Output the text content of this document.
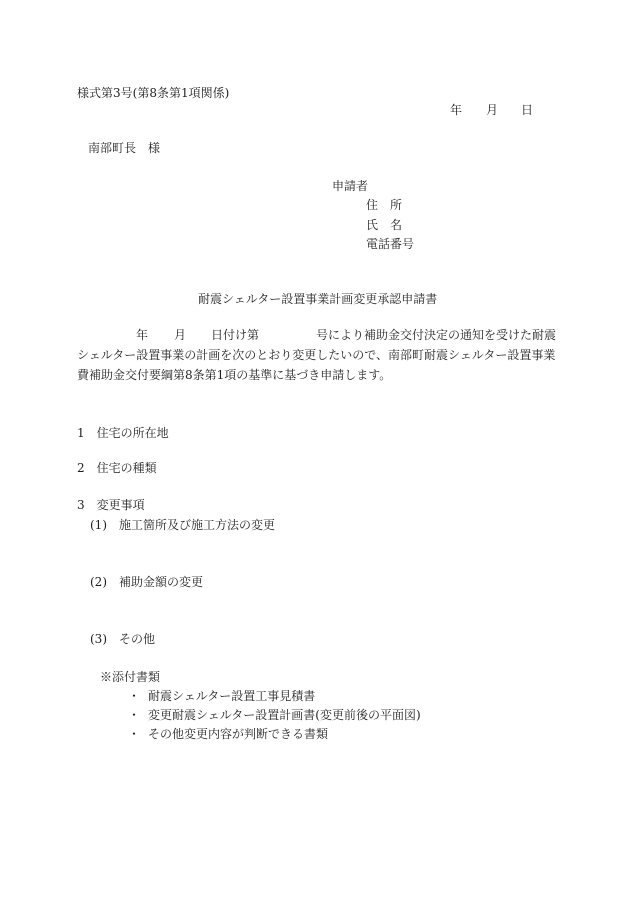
様式第3号(第8条第1項関係)
年 月 日
南部町長　様
申請者
住　所
氏　名
電話番号
耐震シェルター設置事業計画変更承認申請書
年 月 日付け第	号により補助金交付決定の通知を受けた耐震
シェルター設置事業の計画を次のとおり変更したいので、南部町耐震シェルター設置事業
費補助金交付要綱第8条第1項の基準に基づき申請します。
1　住宅の所在地
2　住宅の種類
3　変更事項
(1)　施工箇所及び施工方法の変更
(2)　補助金額の変更
(3)　その他
※添付書類
・ 耐震シェルター設置工事見積書
・ 変更耐震シェルター設置計画書(変更前後の平面図)
・ その他変更内容が判断できる書類
